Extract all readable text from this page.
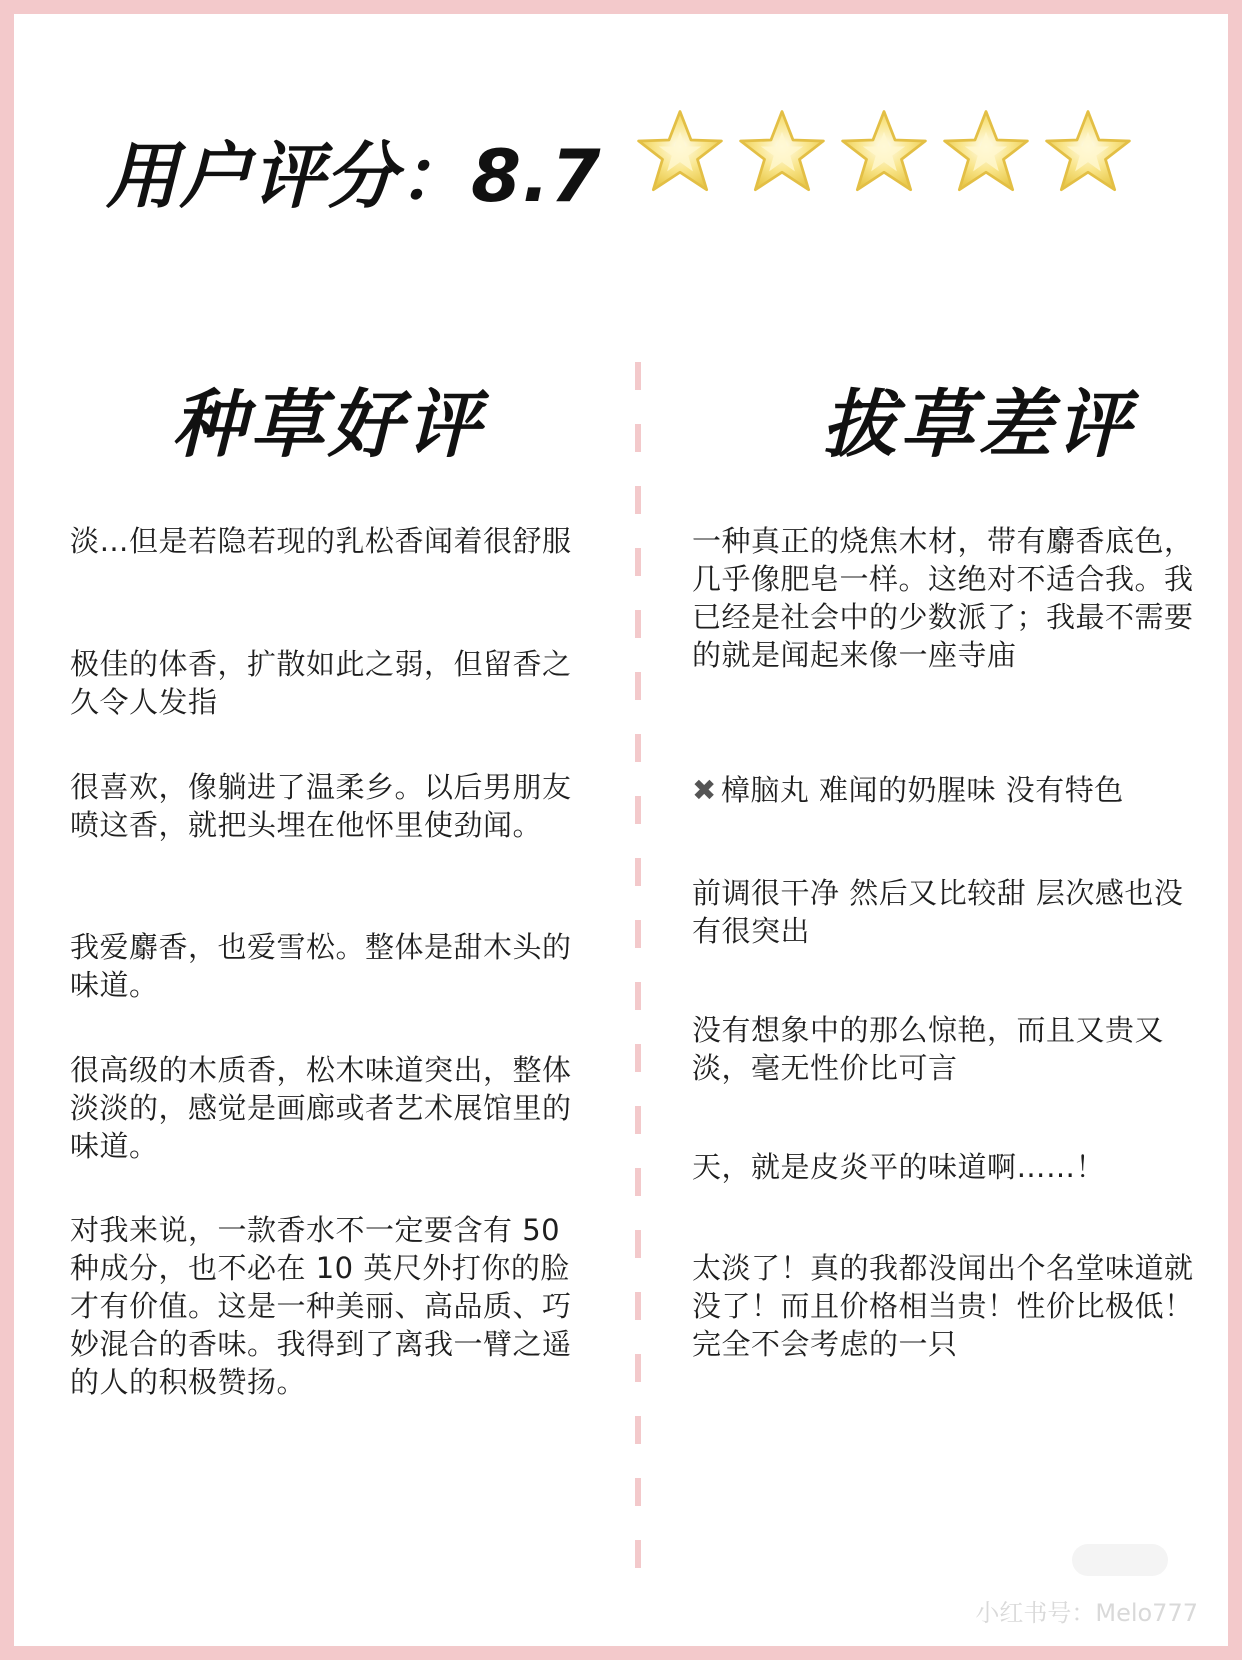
用户评分：8.7
种草好评	拔草差评

淡…但是若隐若现的乳松香闻着很舒服

极佳的体香，扩散如此之弱，但留香之久令人发指

很喜欢，像躺进了温柔乡。以后男朋友喷这香，就把头埋在他怀里使劲闻。

我爱麝香，也爱雪松。整体是甜木头的味道。

很高级的木质香，松木味道突出，整体淡淡的，感觉是画廊或者艺术展馆里的味道。

对我来说，一款香水不一定要含有 50 种成分，也不必在 10 英尺外打你的脸才有价值。这是一种美丽、高品质、巧妙混合的香味。我得到了离我一臂之遥的人的积极赞扬。

一种真正的烧焦木材，带有麝香底色，几乎像肥皂一样。这绝对不适合我。我已经是社会中的少数派了；我最不需要的就是闻起来像一座寺庙

✖ 樟脑丸 难闻的奶腥味 没有特色

前调很干净 然后又比较甜 层次感也没有很突出

没有想象中的那么惊艳，而且又贵又淡，毫无性价比可言

天，就是皮炎平的味道啊……！

太淡了！真的我都没闻出个名堂味道就没了！而且价格相当贵！性价比极低！完全不会考虑的一只

小红书号：Melo777
